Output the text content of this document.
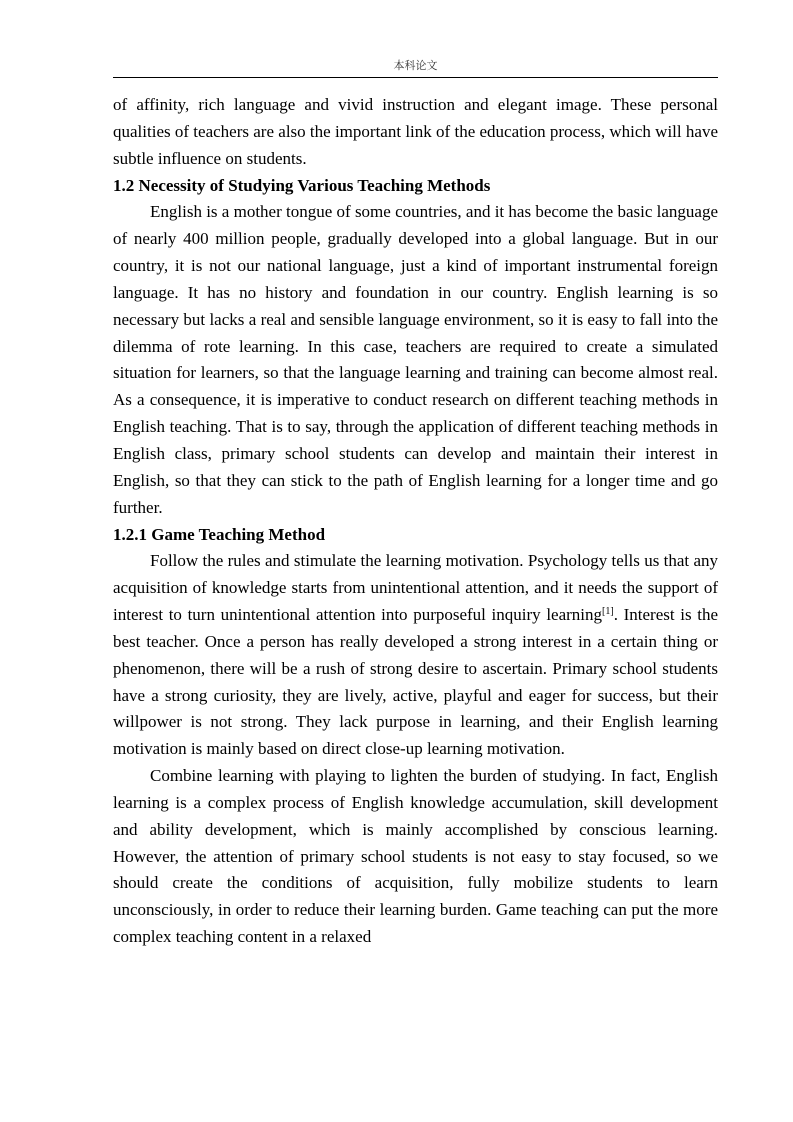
本科论文

of affinity, rich language and vivid instruction and elegant image. These personal qualities of teachers are also the important link of the education process, which will have subtle influence on students.

1.2 Necessity of Studying Various Teaching Methods

English is a mother tongue of some countries, and it has become the basic language of nearly 400 million people, gradually developed into a global language. But in our country, it is not our national language, just a kind of important instrumental foreign language. It has no history and foundation in our country. English learning is so necessary but lacks a real and sensible language environment, so it is easy to fall into the dilemma of rote learning. In this case, teachers are required to create a simulated situation for learners, so that the language learning and training can become almost real. As a consequence, it is imperative to conduct research on different teaching methods in English teaching. That is to say, through the application of different teaching methods in English class, primary school students can develop and maintain their interest in English, so that they can stick to the path of English learning for a longer time and go further.

1.2.1 Game Teaching Method

Follow the rules and stimulate the learning motivation. Psychology tells us that any acquisition of knowledge starts from unintentional attention, and it needs the support of interest to turn unintentional attention into purposeful inquiry learning[1]. Interest is the best teacher. Once a person has really developed a strong interest in a certain thing or phenomenon, there will be a rush of strong desire to ascertain. Primary school students have a strong curiosity, they are lively, active, playful and eager for success, but their willpower is not strong. They lack purpose in learning, and their English learning motivation is mainly based on direct close-up learning motivation.

Combine learning with playing to lighten the burden of studying. In fact, English learning is a complex process of English knowledge accumulation, skill development and ability development, which is mainly accomplished by conscious learning. However, the attention of primary school students is not easy to stay focused, so we should create the conditions of acquisition, fully mobilize students to learn unconsciously, in order to reduce their learning burden. Game teaching can put the more complex teaching content in a relaxed
